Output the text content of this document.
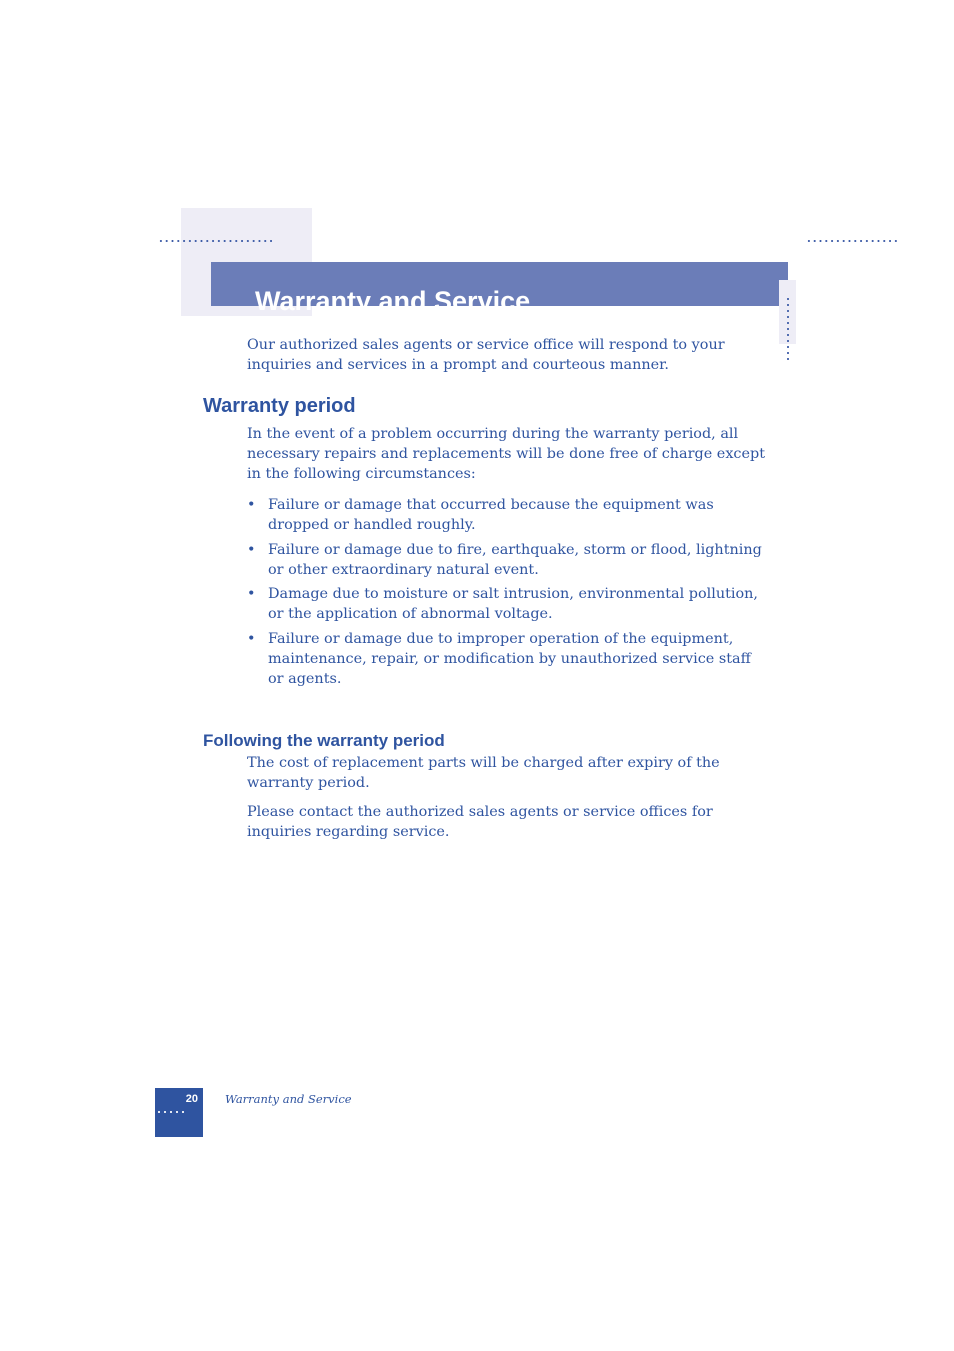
Warranty and Service

Our authorized sales agents or service office will respond to your inquiries and services in a prompt and courteous manner.

Warranty period

In the event of a problem occurring during the warranty period, all necessary repairs and replacements will be done free of charge except in the following circumstances:

• Failure or damage that occurred because the equipment was dropped or handled roughly.
• Failure or damage due to fire, earthquake, storm or flood, lightning or other extraordinary natural event.
• Damage due to moisture or salt intrusion, environmental pollution, or the application of abnormal voltage.
• Failure or damage due to improper operation of the equipment, maintenance, repair, or modification by unauthorized service staff or agents.
Following the warranty period

The cost of replacement parts will be charged after expiry of the warranty period.

Please contact the authorized sales agents or service offices for inquiries regarding service.

20 Warranty and Service
